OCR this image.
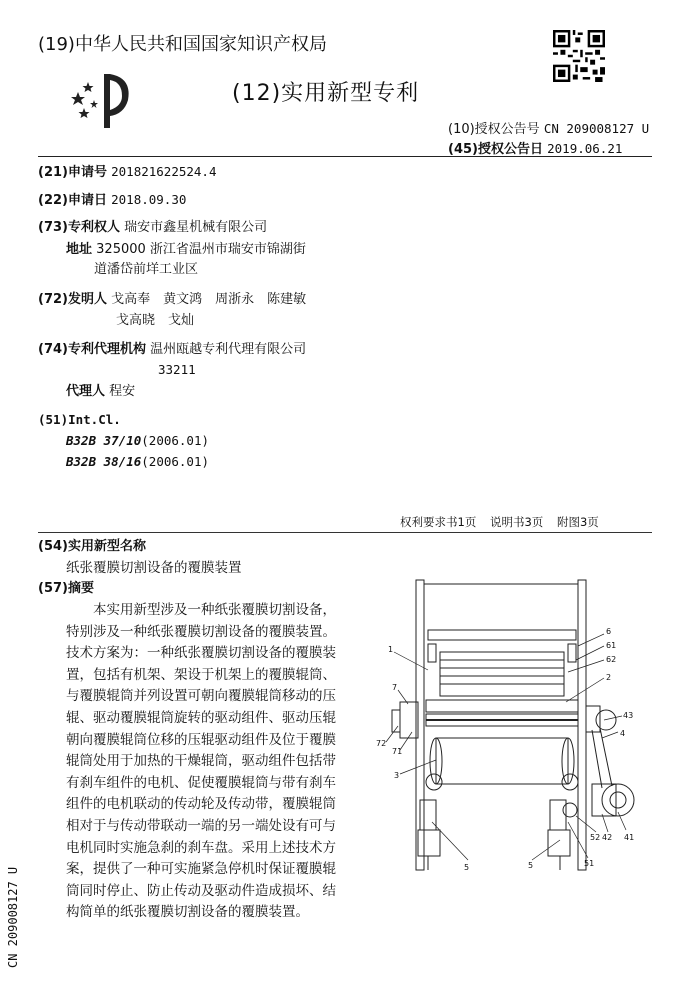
(19)中华人民共和国国家知识产权局
(12)实用新型专利
(10)授权公告号 CN 209008127 U
(45)授权公告日 2019.06.21
(21)申请号 201821622524.4
(22)申请日 2018.09.30
(73)专利权人 瑞安市鑫星机械有限公司
地址 325000 浙江省温州市瑞安市锦湖街
道潘岱前垟工业区
(72)发明人 戈高奉　黄文鸿　周浙永　陈建敏
戈高晓　戈灿
(74)专利代理机构 温州瓯越专利代理有限公司
33211
代理人 程安
(51)Int.Cl.
B32B 37/10(2006.01)
B32B 38/16(2006.01)
权利要求书1页 说明书3页 附图3页
(54)实用新型名称
纸张覆膜切割设备的覆膜装置
(57)摘要
本实用新型涉及一种纸张覆膜切割设备，特别涉及一种纸张覆膜切割设备的覆膜装置。技术方案为：一种纸张覆膜切割设备的覆膜装置，包括有机架、架设于机架上的覆膜辊筒、与覆膜辊筒并列设置可朝向覆膜辊筒移动的压辊、驱动覆膜辊筒旋转的驱动组件、驱动压辊朝向覆膜辊筒位移的压辊驱动组件及位于覆膜辊筒处用于加热的干燥辊筒，驱动组件包括带有刹车组件的电机、促使覆膜辊筒与带有刹车组件的电机联动的传动轮及传动带，覆膜辊筒相对于与传动带联动一端的另一端处设有可与电机同时实施急刹的刹车盘。采用上述技术方案，提供了一种可实施紧急停机时保证覆膜辊筒同时停止、防止传动及驱动件造成损坏、结构简单的纸张覆膜切割设备的覆膜装置。
1
6
61
62
2
7
43
4
72
71
3
41
42
52
5	51
5
CN 209008127 U
